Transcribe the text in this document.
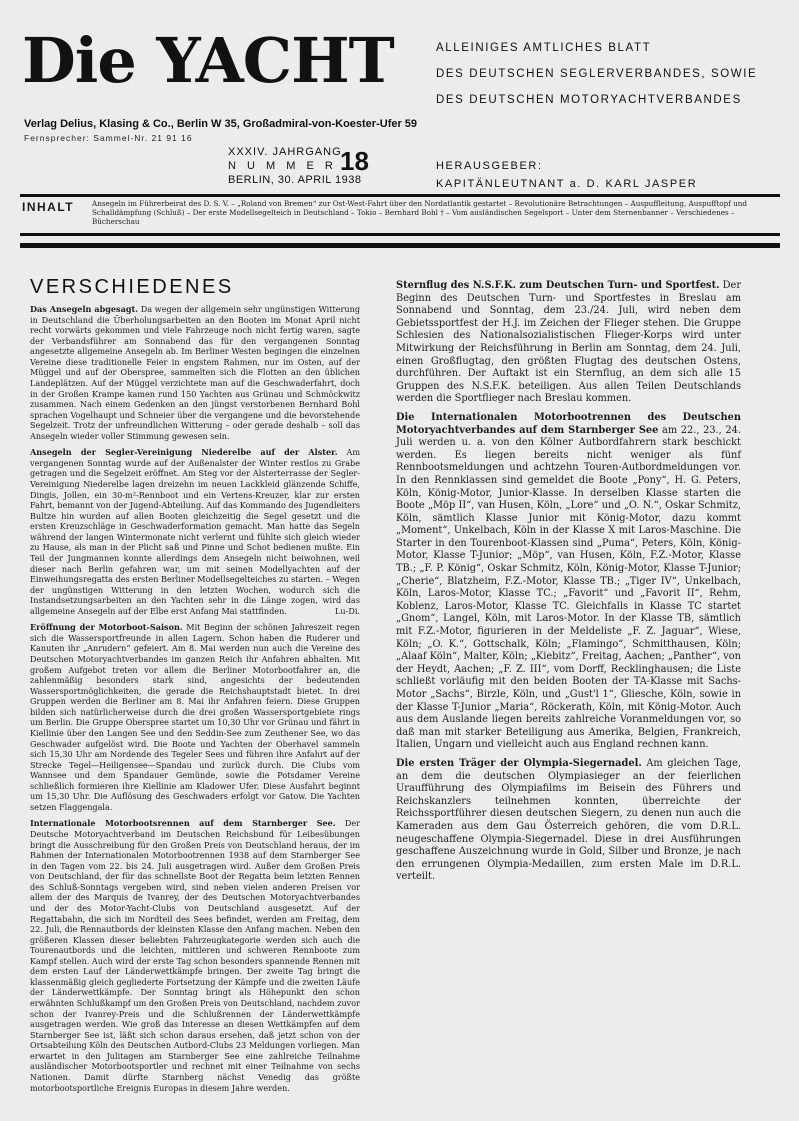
Die YACHT	ALLEINIGES AMTLICHES BLATT
DES DEUTSCHEN SEGLERVERBANDES, SOWIE
DES DEUTSCHEN MOTORYACHTVERBANDES
Verlag Delius, Klasing & Co., Berlin W 35, Großadmiral-von-Koester-Ufer 59
Fernsprecher: Sammel-Nr. 21 91 16
XXXIV. JAHRGANG
N U M M E R 18
BERLIN, 30. APRIL 1938
HERAUSGEBER:
KAPITÄNLEUTNANT a. D. KARL JASPER
INHALT Ansegeln im Führerbeirat des D. S. V. – „Roland von Bremen“ zur Ost-West-Fahrt über den Nordatlantik gestartet – Revolutionäre Betrachtungen – Auspuffleitung, Auspufftopf und Schalldämpfung (Schluß) – Der erste Modellsegelteich in Deutschland – Tokio – Bernhard Bohl † – Vom ausländischen Segelsport – Unter dem Sternenbanner – Verschiedenes – Bücherschau
VERSCHIEDENES

Das Ansegeln abgesagt. Da wegen der allgemein sehr ungünstigen Witterung in Deutschland die Überholungsarbeiten an den Booten im Monat April nicht recht vorwärts gekommen und viele Fahrzeuge noch nicht fertig waren, sagte der Verbandsführer am Sonnabend das für den vergangenen Sonntag angesetzte allgemeine Ansegeln ab. Im Berliner Westen begingen die einzelnen Vereine diese traditionelle Feier in engstem Rahmen, nur im Osten, auf der Müggel und auf der Oberspree, sammelten sich die Flotten an den üblichen Landeplätzen. Auf der Müggel verzichtete man auf die Geschwaderfahrt, doch in der Großen Krampe kamen rund 150 Yachten aus Grünau und Schmöckwitz zusammen. Nach einem Gedenken an den jüngst verstorbenen Bernhard Bohl sprachen Vogelhaupt und Schneier über die vergangene und die bevorstehende Segelzeit. Trotz der unfreundlichen Witterung – oder gerade deshalb – soll das Ansegeln wieder voller Stimmung gewesen sein.

Ansegeln der Segler-Vereinigung Niederelbe auf der Alster. Am vergangenen Sonntag wurde auf der Außenalster der Winter restlos zu Grabe getragen und die Segelzeit eröffnet. Am Steg vor der Alsterterrasse der Segler-Vereinigung Niederelbe lagen dreizehn im neuen Lackkleid glänzende Schiffe, Dingis, Jollen, ein 30-m²-Rennboot und ein Vertens-Kreuzer, klar zur ersten Fahrt, bemannt von der Jugend-Abteilung. Auf das Kommando des Jugendleiters Bultze hin wurden auf allen Booten gleichzeitig die Segel gesetzt und die ersten Kreuzschläge in Geschwaderformation gemacht. Man hatte das Segeln während der langen Wintermonate nicht verlernt und fühlte sich gleich wieder zu Hause, als man in der Plicht saß und Pinne und Schot bedienen mußte. Ein Teil der Jungmannen konnte allerdings dem Ansegeln nicht beiwohnen, weil dieser nach Berlin gefahren war, um mit seinen Modellyachten auf der Einweihungsregatta des ersten Berliner Modellsegelteiches zu starten. – Wegen der ungünstigen Witterung in den letzten Wochen, wodurch sich die Instandsetzungsarbeiten an den Yachten sehr in die Länge zogen, wird das allgemeine Ansegeln auf der Elbe erst Anfang Mai stattfinden.	Lu-Di.

Eröffnung der Motorboot-Saison. Mit Beginn der schönen Jahreszeit regen sich die Wassersportfreunde in allen Lagern. Schon haben die Ruderer und Kanuten ihr „Anrudern“ gefeiert. Am 8. Mai werden nun auch die Vereine des Deutschen Motoryachtverbandes im ganzen Reich ihr Anfahren abhalten. Mit großem Aufgebot treten vor allem die Berliner Motorbootfahrer an, die zahlenmäßig besonders stark sind, angesichts der bedeutenden Wassersportmöglichkeiten, die gerade die Reichshauptstadt bietet. In drei Gruppen werden die Berliner am 8. Mai ihr Anfahren feiern. Diese Gruppen bilden sich natürlicherweise durch die drei großen Wassersportgebiete rings um Berlin. Die Gruppe Oberspree startet um 10,30 Uhr vor Grünau und fährt in Kiellinie über den Langen See und den Seddin-See zum Zeuthener See, wo das Geschwader aufgelöst wird. Die Boote und Yachten der Oberhavel sammeln sich 15,30 Uhr am Nordende des Tegeler Sees und führen ihre Anfahrt auf der Strecke Tegel—Heiligensee—Spandau und zurück durch. Die Clubs vom Wannsee und dem Spandauer Gemünde, sowie die Potsdamer Vereine schließlich formieren ihre Kiellinie am Kladower Ufer. Diese Ausfahrt beginnt um 15,30 Uhr. Die Auflösung des Geschwaders erfolgt vor Gatow. Die Yachten setzen Flaggengala.

Internationale Motorbootsrennen auf dem Starnberger See. Der Deutsche Motoryachtverband im Deutschen Reichsbund für Leibesübungen bringt die Ausschreibung für den Großen Preis von Deutschland heraus, der im Rahmen der Internationalen Motorbootrennen 1938 auf dem Starnberger See in den Tagen vom 22. bis 24. Juli ausgetragen wird. Außer dem Großen Preis von Deutschland, der für das schnellste Boot der Regatta beim letzten Rennen des Schluß-Sonntags vergeben wird, sind neben vielen anderen Preisen vor allem der des Marquis de Ivanrey, der des Deutschen Motoryachtverbandes und der des Motor-Yacht-Clubs von Deutschland ausgesetzt. Auf der Regattabahn, die sich im Nordteil des Sees befindet, werden am Freitag, dem 22. Juli, die Rennautbords der kleinsten Klasse den Anfang machen. Neben den größeren Klassen dieser beliebten Fahrzeugkategorie werden sich auch die Tourenautbords und die leichten, mittleren und schweren Rennboote zum Kampf stellen. Auch wird der erste Tag schon besonders spannende Rennen mit dem ersten Lauf der Länderwettkämpfe bringen. Der zweite Tag bringt die klassenmäßig gleich gegliederte Fortsetzung der Kämpfe und die zweiten Läufe der Länderwettkämpfe. Der Sonntag bringt als Höhepunkt den schon erwähnten Schlußkampf um den Großen Preis von Deutschland, nachdem zuvor schon der Ivanrey-Preis und die Schlußrennen der Länderwettkämpfe ausgetragen werden. Wie groß das Interesse an diesen Wettkämpfen auf dem Starnberger See ist, läßt sich schon daraus ersehen, daß jetzt schon von der Ortsabteilung Köln des Deutschen Autbord-Clubs 23 Meldungen vorliegen. Man erwartet in den Julitagen am Starnberger See eine zahlreiche Teilnahme ausländischer Motorbootsportler und rechnet mit einer Teilnahme von sechs Nationen. Damit dürfte Starnberg nächst Venedig das größte motorbootsportliche Ereignis Europas in diesem Jahre werden.

Sternflug des N.S.F.K. zum Deutschen Turn- und Sportfest. Der Beginn des Deutschen Turn- und Sportfestes in Breslau am Sonnabend und Sonntag, dem 23./24. Juli, wird neben dem Gebietssportfest der H.J. im Zeichen der Flieger stehen. Die Gruppe Schlesien des Nationalsozialistischen Flieger-Korps wird unter Mitwirkung der Reichsführung in Berlin am Sonntag, dem 24. Juli, einen Großflugtag, den größten Flugtag des deutschen Ostens, durchführen. Der Auftakt ist ein Sternflug, an dem sich alle 15 Gruppen des N.S.F.K. beteiligen. Aus allen Teilen Deutschlands werden die Sportflieger nach Breslau kommen.

Die Internationalen Motorbootrennen des Deutschen Motoryachtverbandes auf dem Starnberger See am 22., 23., 24. Juli werden u. a. von den Kölner Autbordfahrern stark beschickt werden. Es liegen bereits nicht weniger als fünf Rennbootsmeldungen und achtzehn Touren-Autbordmeldungen vor. In den Rennklassen sind gemeldet die Boote „Pony“, H. G. Peters, Köln, König-Motor, Junior-Klasse. In derselben Klasse starten die Boote „Möp II“, van Husen, Köln, „Lore“ und „O. N.“, Oskar Schmitz, Köln, sämtlich Klasse Junior mit König-Motor, dazu kommt „Moment“, Unkelbach, Köln in der Klasse X mit Laros-Maschine. Die Starter in den Tourenboot-Klassen sind „Puma“, Peters, Köln, König-Motor, Klasse T-Junior; „Möp“, van Husen, Köln, F.Z.-Motor, Klasse TB.; „F. P. König“, Oskar Schmitz, Köln, König-Motor, Klasse T-Junior; „Cherie“, Blatzheim, F.Z.-Motor, Klasse TB.; „Tiger IV“, Unkelbach, Köln, Laros-Motor, Klasse TC.; „Favorit“ und „Favorit II“, Rehm, Koblenz, Laros-Motor, Klasse TC. Gleichfalls in Klasse TC startet „Gnom“, Langel, Köln, mit Laros-Motor. In der Klasse TB, sämtlich mit F.Z.-Motor, figurieren in der Meldeliste „F. Z. Jaguar“, Wiese, Köln; „O. K.“, Gottschalk, Köln; „Flamingo“, Schmitthausen, Köln; „Alaaf Köln“, Malter, Köln; „Kiebitz“, Freitag, Aachen; „Panther“, von der Heydt, Aachen; „F. Z. III“, vom Dorff, Recklinghausen; die Liste schließt vorläufig mit den beiden Booten der TA-Klasse mit Sachs-Motor „Sachs“, Birzle, Köln, und „Gust'l 1“, Gliesche, Köln, sowie in der Klasse T-Junior „Maria“, Röckerath, Köln, mit König-Motor. Auch aus dem Auslande liegen bereits zahlreiche Voranmeldungen vor, so daß man mit starker Beteiligung aus Amerika, Belgien, Frankreich, Italien, Ungarn und vielleicht auch aus England rechnen kann.

Die ersten Träger der Olympia-Siegernadel. Am gleichen Tage, an dem die deutschen Olympiasieger an der feierlichen Uraufführung des Olympiafilms im Beisein des Führers und Reichskanzlers teilnehmen konnten, überreichte der Reichssportführer diesen deutschen Siegern, zu denen nun auch die Kameraden aus dem Gau Österreich gehören, die vom D.R.L. neugeschaffene Olympia-Siegernadel. Diese in drei Ausführungen geschaffene Auszeichnung wurde in Gold, Silber und Bronze, je nach den errungenen Olympia-Medaillen, zum ersten Male im D.R.L. verteilt.
